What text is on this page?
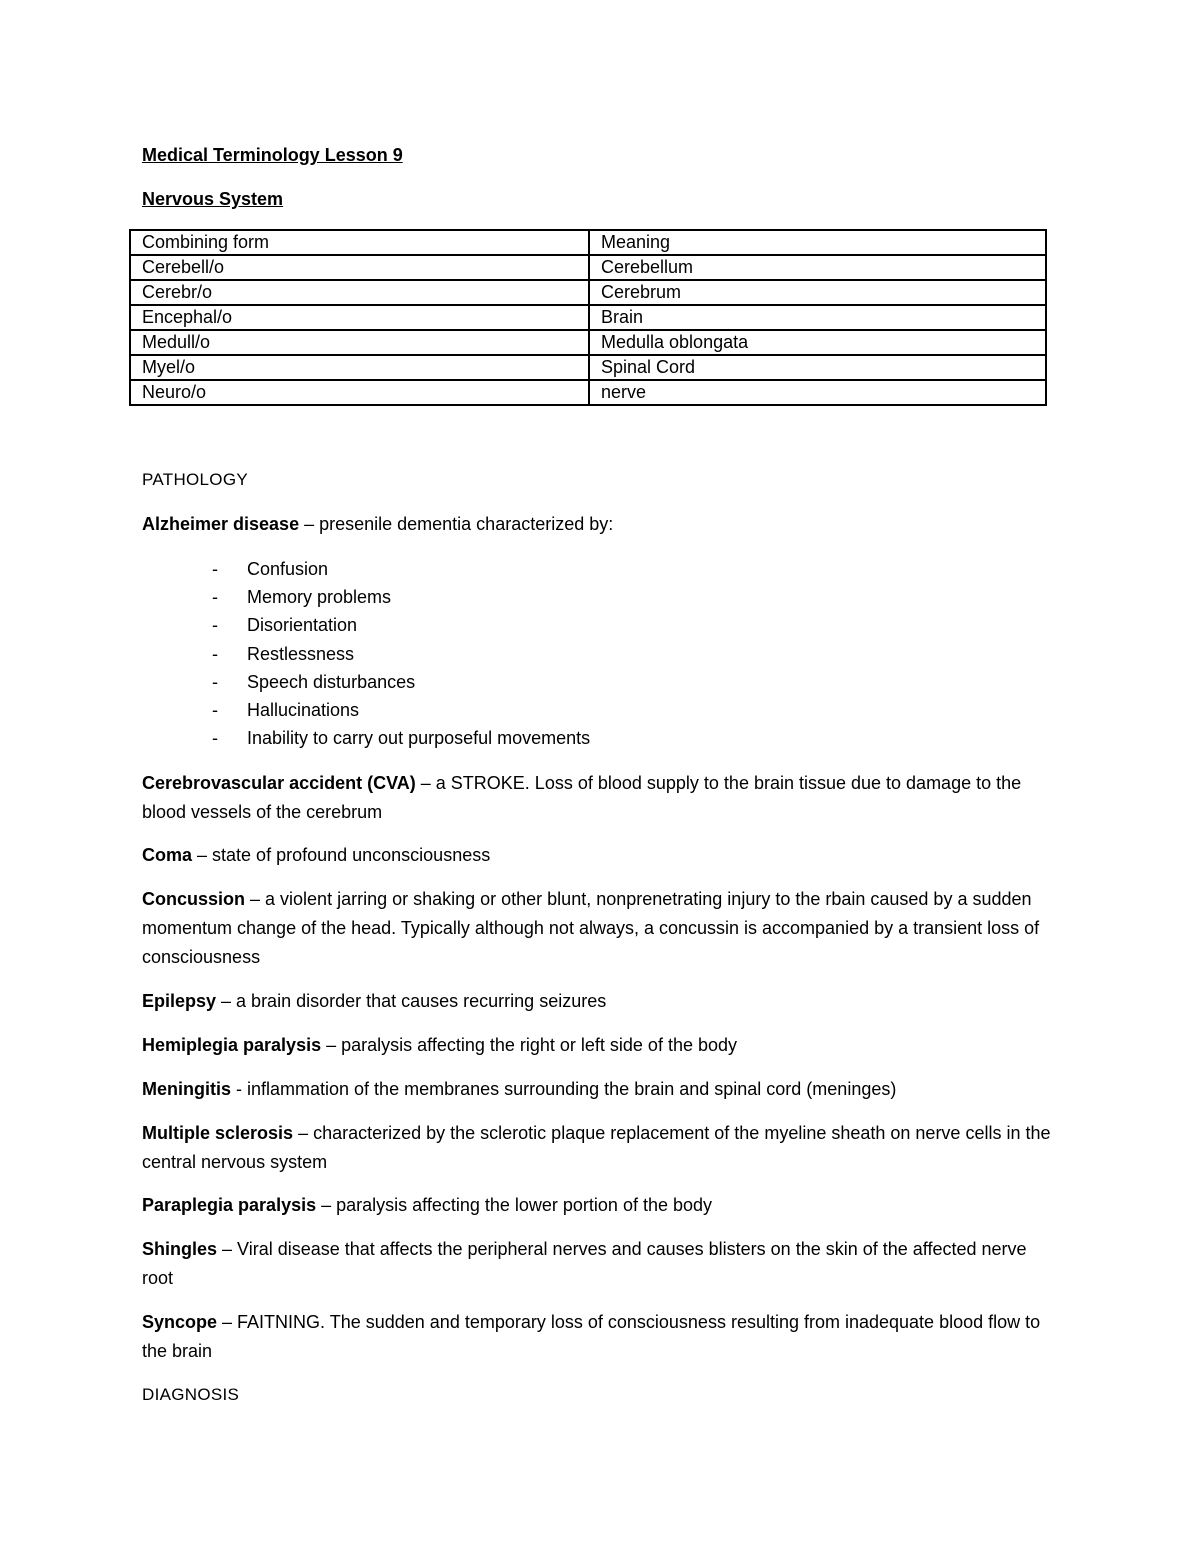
Medical Terminology Lesson 9
Nervous System
Combining form	Meaning
Cerebell/o	Cerebellum
Cerebr/o	Cerebrum
Encephal/o	Brain
Medull/o	Medulla oblongata
Myel/o	Spinal Cord
Neuro/o	nerve
PATHOLOGY
Alzheimer disease – presenile dementia characterized by:
- Confusion
- Memory problems
- Disorientation
- Restlessness
- Speech disturbances
- Hallucinations
- Inability to carry out purposeful movements
Cerebrovascular accident (CVA) – a STROKE. Loss of blood supply to the brain tissue due to damage to the blood vessels of the cerebrum
Coma – state of profound unconsciousness
Concussion – a violent jarring or shaking or other blunt, nonprenetrating injury to the rbain caused by a sudden momentum change of the head. Typically although not always, a concussin is accompanied by a transient loss of consciousness
Epilepsy – a brain disorder that causes recurring seizures
Hemiplegia paralysis – paralysis affecting the right or left side of the body
Meningitis - inflammation of the membranes surrounding the brain and spinal cord (meninges)
Multiple sclerosis – characterized by the sclerotic plaque replacement of the myeline sheath on nerve cells in the central nervous system
Paraplegia paralysis – paralysis affecting the lower portion of the body
Shingles – Viral disease that affects the peripheral nerves and causes blisters on the skin of the affected nerve root
Syncope – FAITNING. The sudden and temporary loss of consciousness resulting from inadequate blood flow to the brain
DIAGNOSIS
